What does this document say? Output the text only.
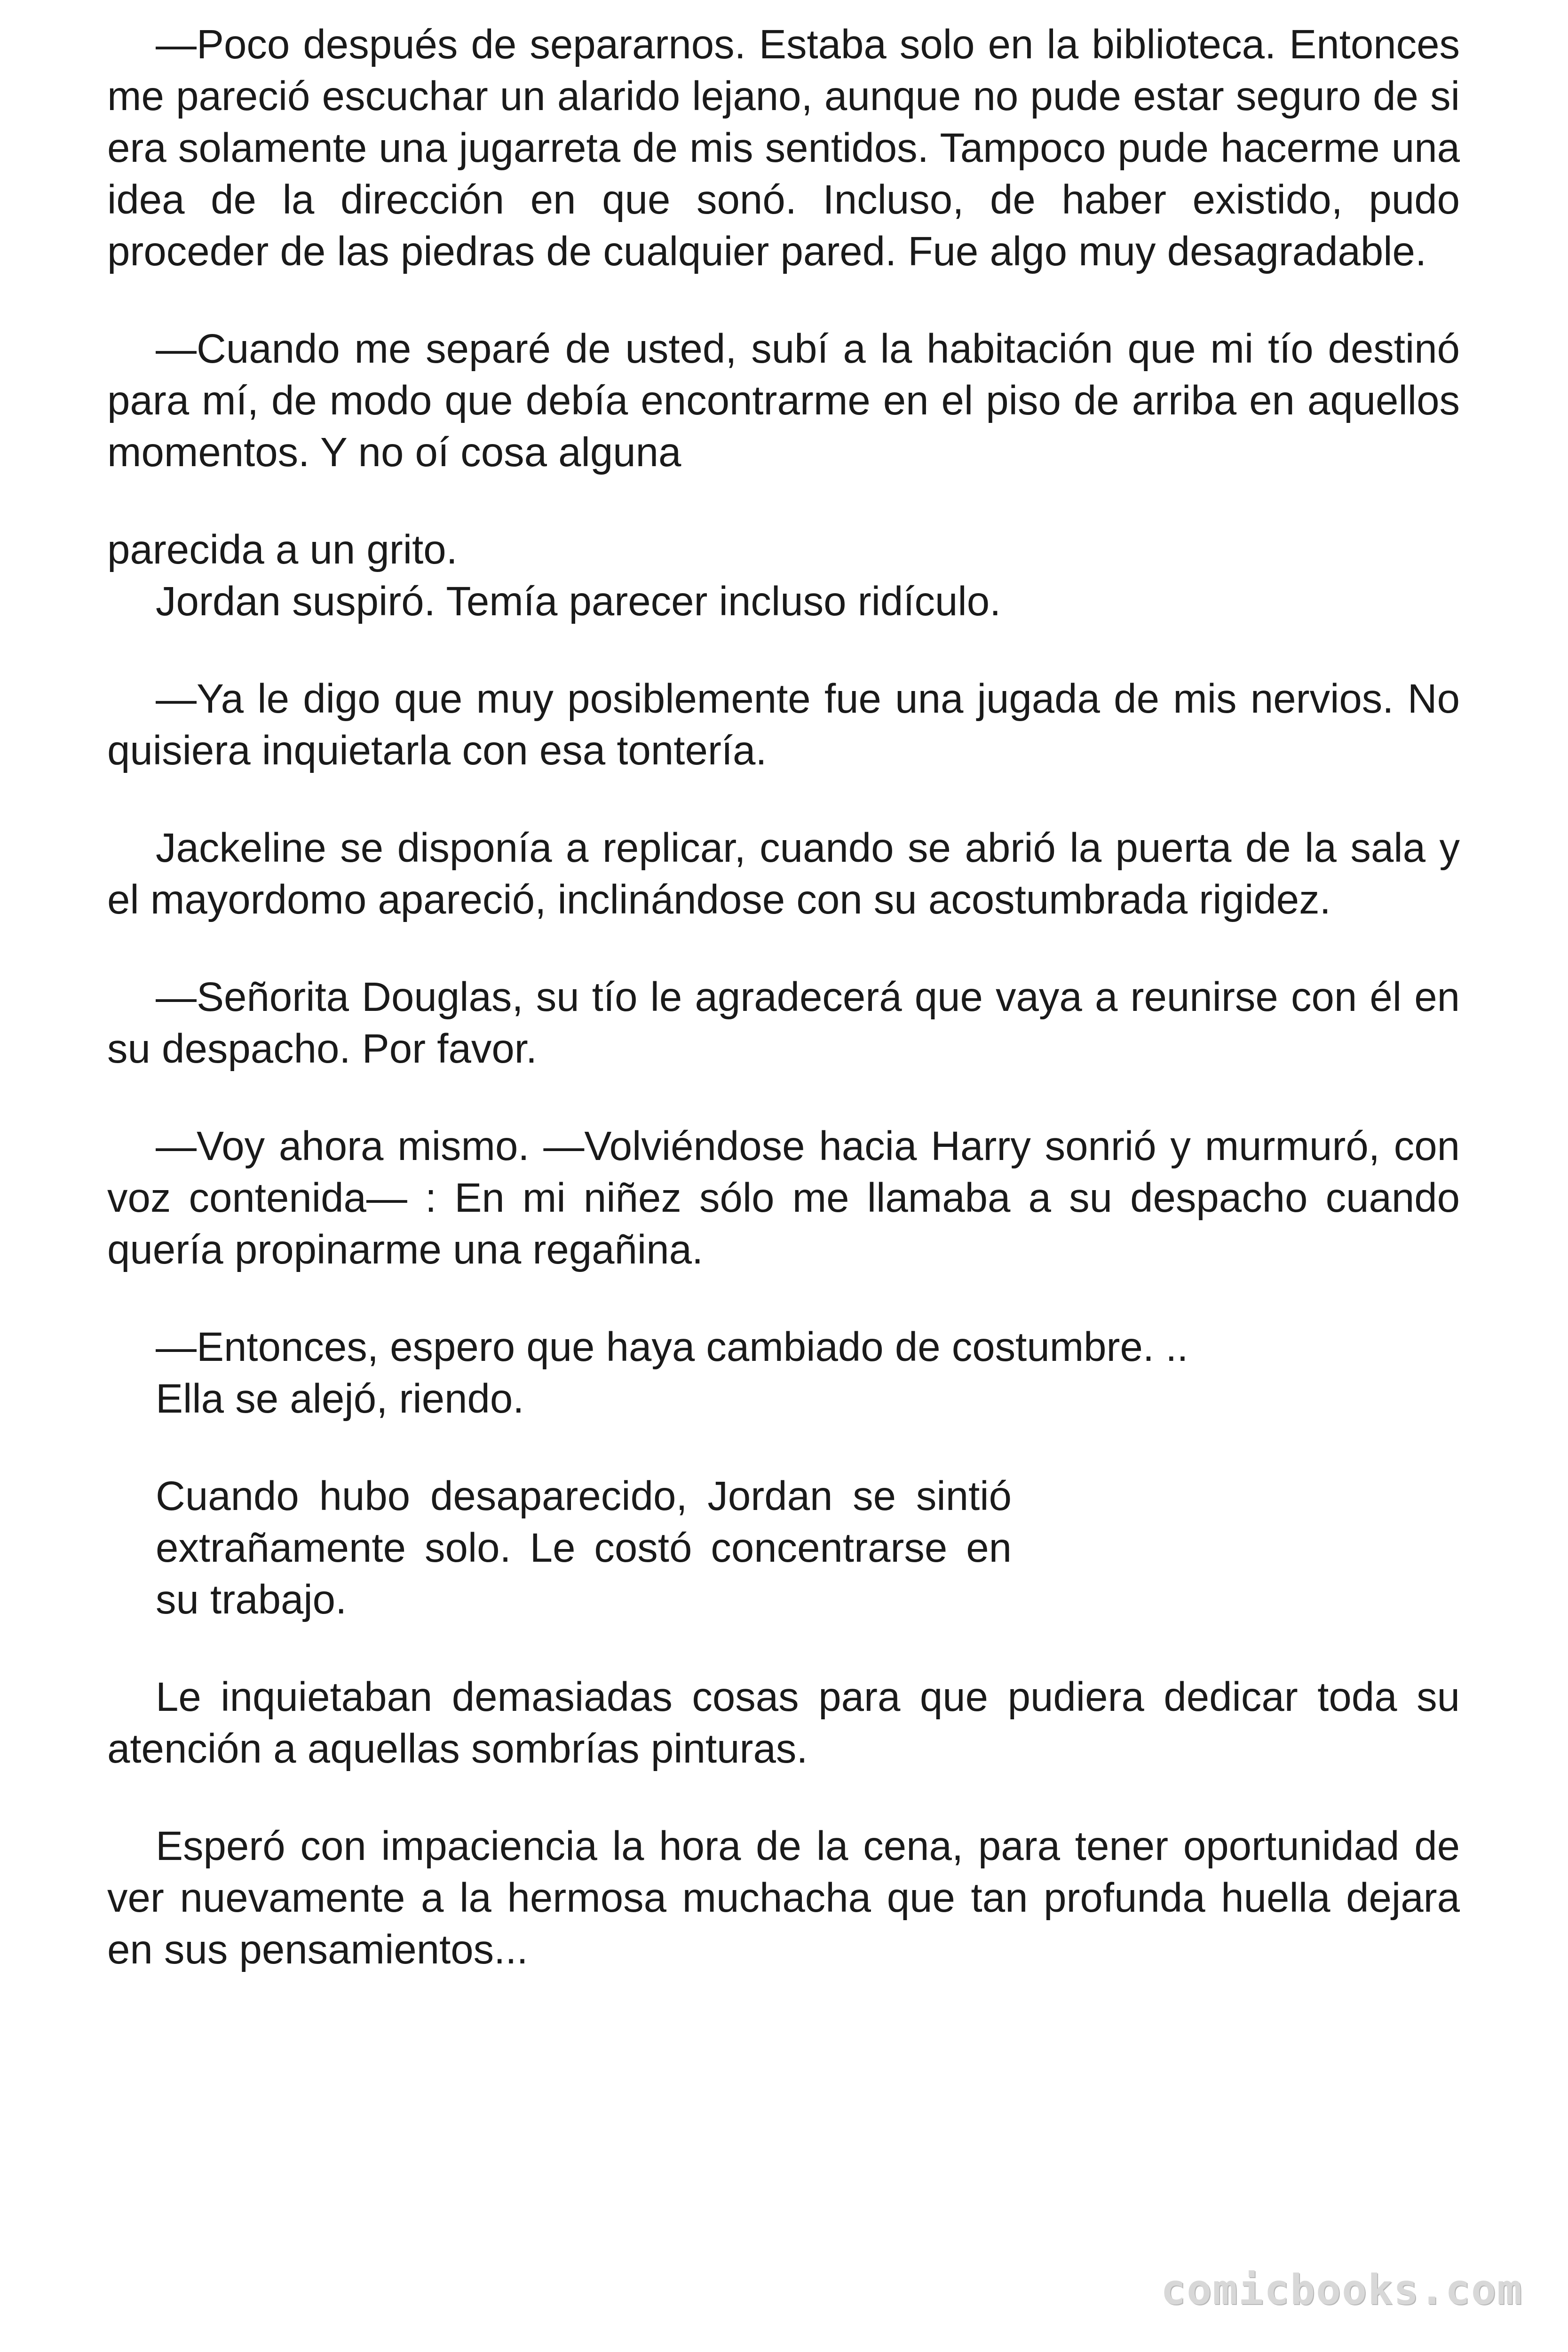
—Poco después de separarnos. Estaba solo en la biblioteca. Entonces me pareció escuchar un alarido lejano, aunque no pude estar seguro de si era solamente una jugarreta de mis sentidos. Tampoco pude hacerme una idea de la dirección en que sonó. Incluso, de haber existido, pudo proceder de las piedras de cualquier pared. Fue algo muy desagradable.

—Cuando me separé de usted, subí a la habitación que mi tío destinó para mí, de modo que debía encontrarme en el piso de arriba en aquellos momentos. Y no oí cosa alguna

parecida a un grito.

Jordan suspiró. Temía parecer incluso ridículo.

—Ya le digo que muy posiblemente fue una jugada de mis nervios. No quisiera inquietarla con esa tontería.

Jackeline se disponía a replicar, cuando se abrió la puerta de la sala y el mayordomo apareció, inclinándose con su acostumbrada rigidez.

—Señorita Douglas, su tío le agradecerá que vaya a reunirse con él en su despacho. Por favor.

—Voy ahora mismo. —Volviéndose hacia Harry sonrió y murmuró, con voz contenida— : En mi niñez sólo me llamaba a su despacho cuando quería propinarme una regañina.

—Entonces, espero que haya cambiado de costumbre. ..

Ella se alejó, riendo.

Cuando hubo desaparecido, Jordan se sintió extrañamente solo. Le costó concentrarse en su trabajo.

Le inquietaban demasiadas cosas para que pudiera dedicar toda su atención a aquellas sombrías pinturas.

Esperó con impaciencia la hora de la cena, para tener oportunidad de ver nuevamente a la hermosa muchacha que tan profunda huella dejara en sus pensamientos...

comicbooks.com
